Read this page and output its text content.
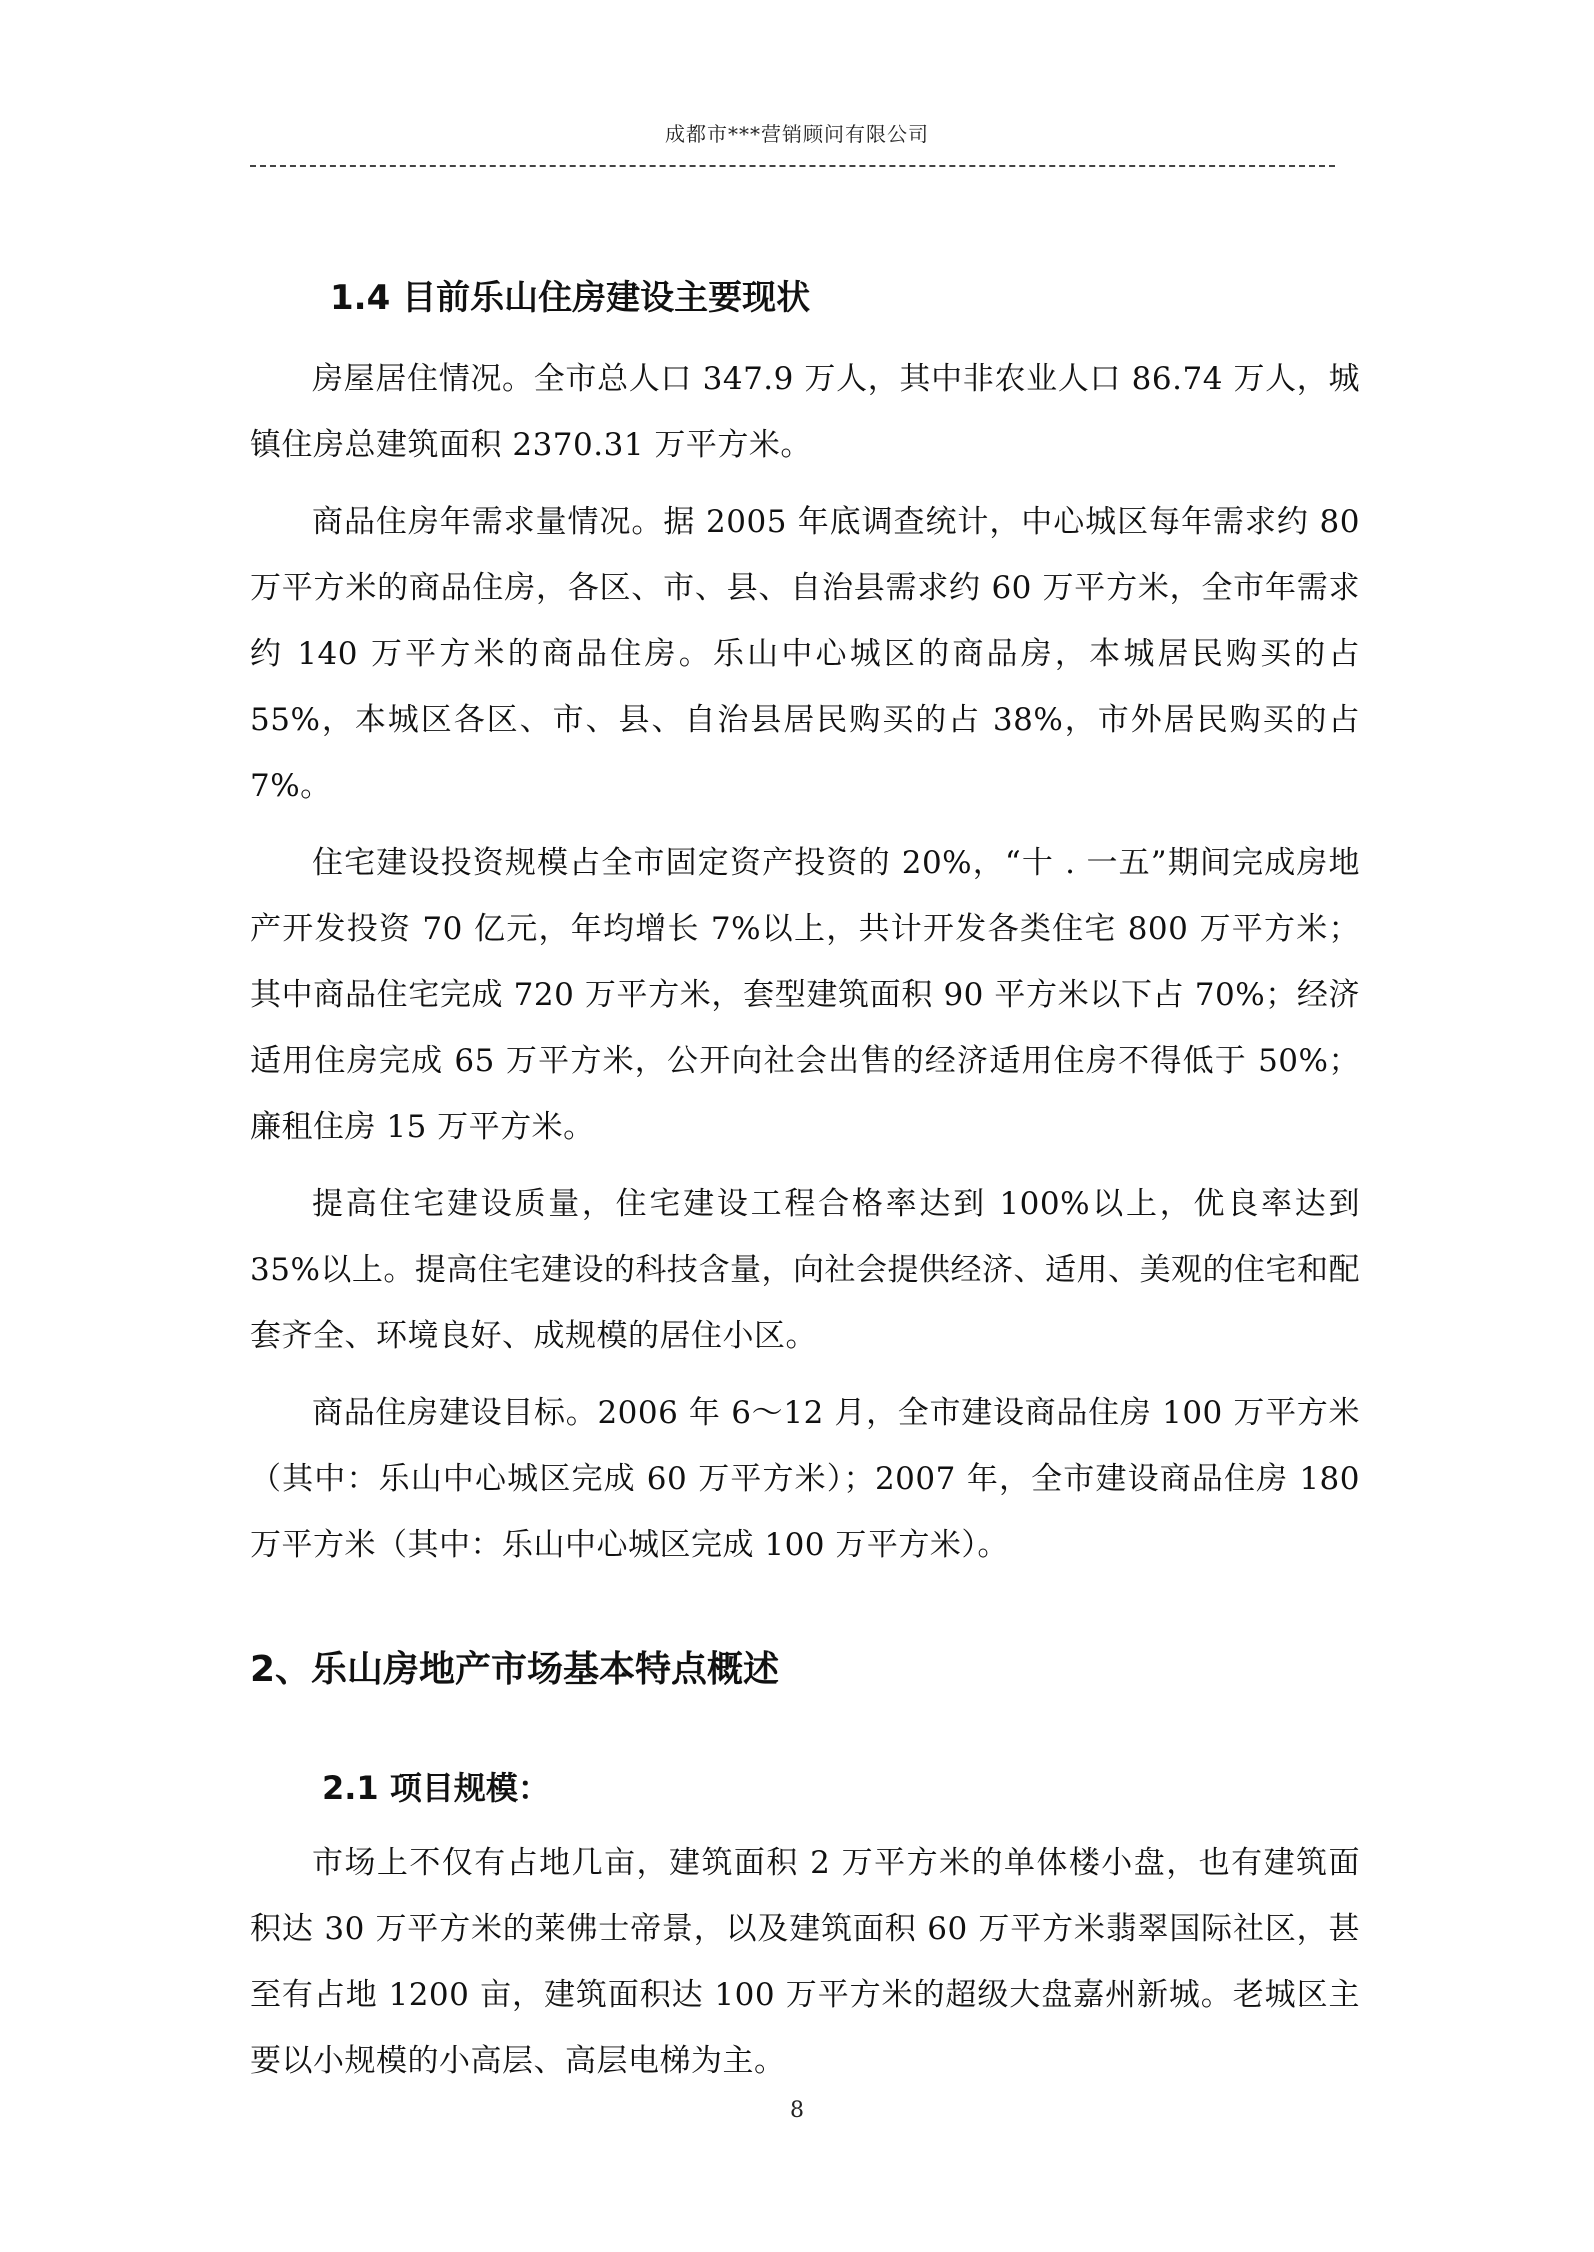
成都市***营销顾问有限公司
1.4 目前乐山住房建设主要现状

房屋居住情况。全市总人口 347.9 万人，其中非农业人口 86.74 万人，城镇住房总建筑面积 2370.31 万平方米。

商品住房年需求量情况。据 2005 年底调查统计，中心城区每年需求约 80 万平方米的商品住房，各区、市、县、自治县需求约 60 万平方米，全市年需求约 140 万平方米的商品住房。乐山中心城区的商品房，本城居民购买的占 55%，本城区各区、市、县、自治县居民购买的占 38%，市外居民购买的占 7%。

住宅建设投资规模占全市固定资产投资的 20%，“十 . 一五”期间完成房地产开发投资 70 亿元，年均增长 7%以上，共计开发各类住宅 800 万平方米；其中商品住宅完成 720 万平方米，套型建筑面积 90 平方米以下占 70%；经济适用住房完成 65 万平方米，公开向社会出售的经济适用住房不得低于 50%；廉租住房 15 万平方米。

提高住宅建设质量，住宅建设工程合格率达到 100%以上，优良率达到 35%以上。提高住宅建设的科技含量，向社会提供经济、适用、美观的住宅和配套齐全、环境良好、成规模的居住小区。

商品住房建设目标。2006 年 6～12 月，全市建设商品住房 100 万平方米（其中：乐山中心城区完成 60 万平方米）；2007 年，全市建设商品住房 180 万平方米（其中：乐山中心城区完成 100 万平方米）。

2、乐山房地产市场基本特点概述
2.1 项目规模：

市场上不仅有占地几亩，建筑面积 2 万平方米的单体楼小盘，也有建筑面积达 30 万平方米的莱佛士帝景，以及建筑面积 60 万平方米翡翠国际社区，甚至有占地 1200 亩，建筑面积达 100 万平方米的超级大盘嘉州新城。老城区主要以小规模的小高层、高层电梯为主。

8
